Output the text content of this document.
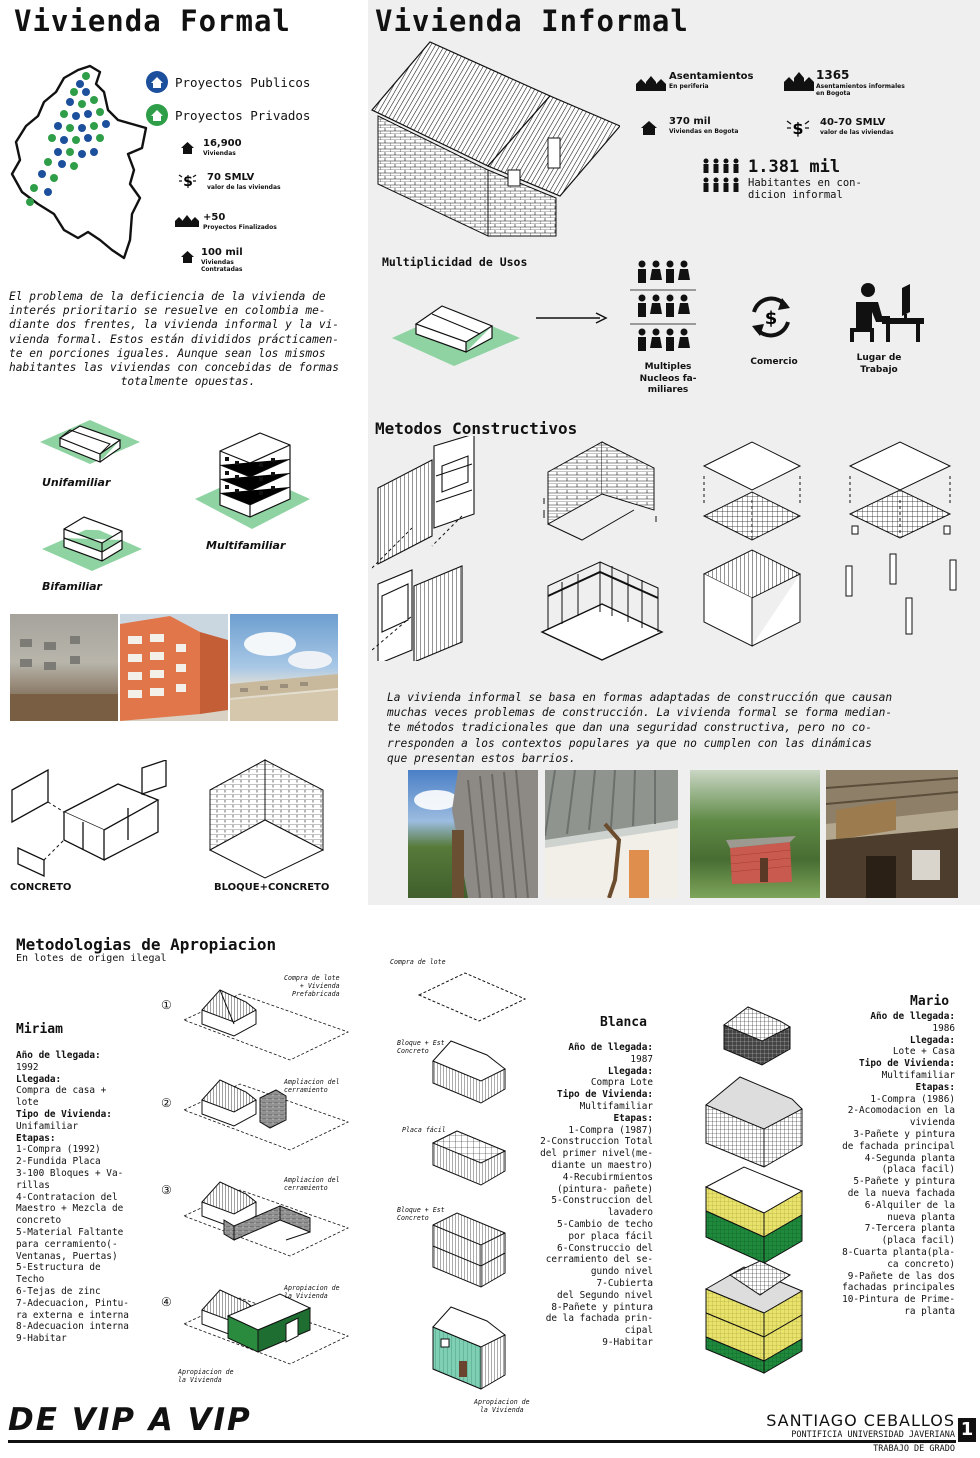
Vivienda Formal
Proyectos Publicos
Proyectos Privados
16,900
Viviendas
$ 70 SMLV
valor de las viviendas
+50
Proyectos Finalizados
100 mil
Viviendas
Contratadas
El problema de la deficiencia de la vivienda de
interés prioritario se resuelve en colombia me-
diante dos frentes, la vivienda informal y la vi-
vienda formal. Estos están divididos prácticamen-
te en porciones iguales. Aunque sean los mismos
habitantes las viviendas con concebidas de formas
totalmente opuestas.
Unifamiliar
Multifamiliar
Bifamiliar
CONCRETO	BLOQUE+CONCRETO
Vivienda Informal
Asentamientos
En periferia
1365
Asentamientos informales
en Bogota
370 mil
Viviendas en Bogota	$ 40-70 SMLV
valor de las viviendas
1.381 mil
Habitantes en con-
dicion informal
Multiplicidad de Usos
Multiples
Nucleos fa-
miliares
$
Comercio	Lugar de
Trabajo
Metodos Constructivos
La vivienda informal se basa en formas adaptadas de construcción que causan
muchas veces problemas de construcción. La vivienda formal se forma median-
te métodos tradicionales que dan una seguridad constructiva, pero no co-
rresponden a los contextos populares ya que no cumplen con las dinámicas
que presentan estos barrios.
Metodologias de Apropiacion
En lotes de origen ilegal
Miriam
Año de llegada:
1992
Llegada:
Compra de casa +
lote
Tipo de Vivienda:
Unifamiliar
Etapas:
1-Compra (1992)
2-Fundida Placa
3-100 Bloques + Va-
rillas
4-Contratacion del
Maestro + Mezcla de
concreto
5-Material Faltante
para cerramiento(-
Ventanas, Puertas)
5-Estructura de
Techo
6-Tejas de zinc
7-Adecuacion, Pintu-
ra externa e interna
8-Adecuacion interna
9-Habitar
①
②
③
④
Compra de lote
+ Vivienda
Prefabricada
Ampliacion del
cerramiento
Ampliacion del
cerramiento
Apropiacion de
la Vivienda
Apropiacion de
la Vivienda
Compra de lote
Bloque + Est
Concreto
Placa fácil
Bloque + Est
Concreto
Apropiacion de
la Vivienda
Blanca
Año de llegada:
1987
Llegada:
Compra Lote
Tipo de Vivienda:
Multifamiliar
Etapas:
1-Compra (1987)
2-Construccion Total
del primer nivel(me-
diante un maestro)
4-Recubirmientos
(pintura- pañete)
5-Construccion del
lavadero
5-Cambio de techo
por placa fácil
6-Construccio del
cerramiento del se-
gundo nivel
7-Cubierta
del Segundo nivel
8-Pañete y pintura
de la fachada prin-
cipal
9-Habitar
Mario
Año de llegada:
1986
Llegada:
Lote + Casa
Tipo de Vivienda:
Multifamiliar
Etapas:
1-Compra (1986)
2-Acomodacion en la
vivienda
3-Pañete y pintura
de fachada principal
4-Segunda planta
(placa facil)
5-Pañete y pintura
de la nueva fachada
6-Alquiler de la
nueva planta
7-Tercera planta
(placa facil)
8-Cuarta planta(pla-
ca concreto)
9-Pañete de las dos
fachadas principales
10-Pintura de Prime-
ra planta
DE VIP A VIP	SANTIAGO CEBALLOS
PONTIFICIA UNIVERSIDAD JAVERIANA
TRABAJO DE GRADO
1
